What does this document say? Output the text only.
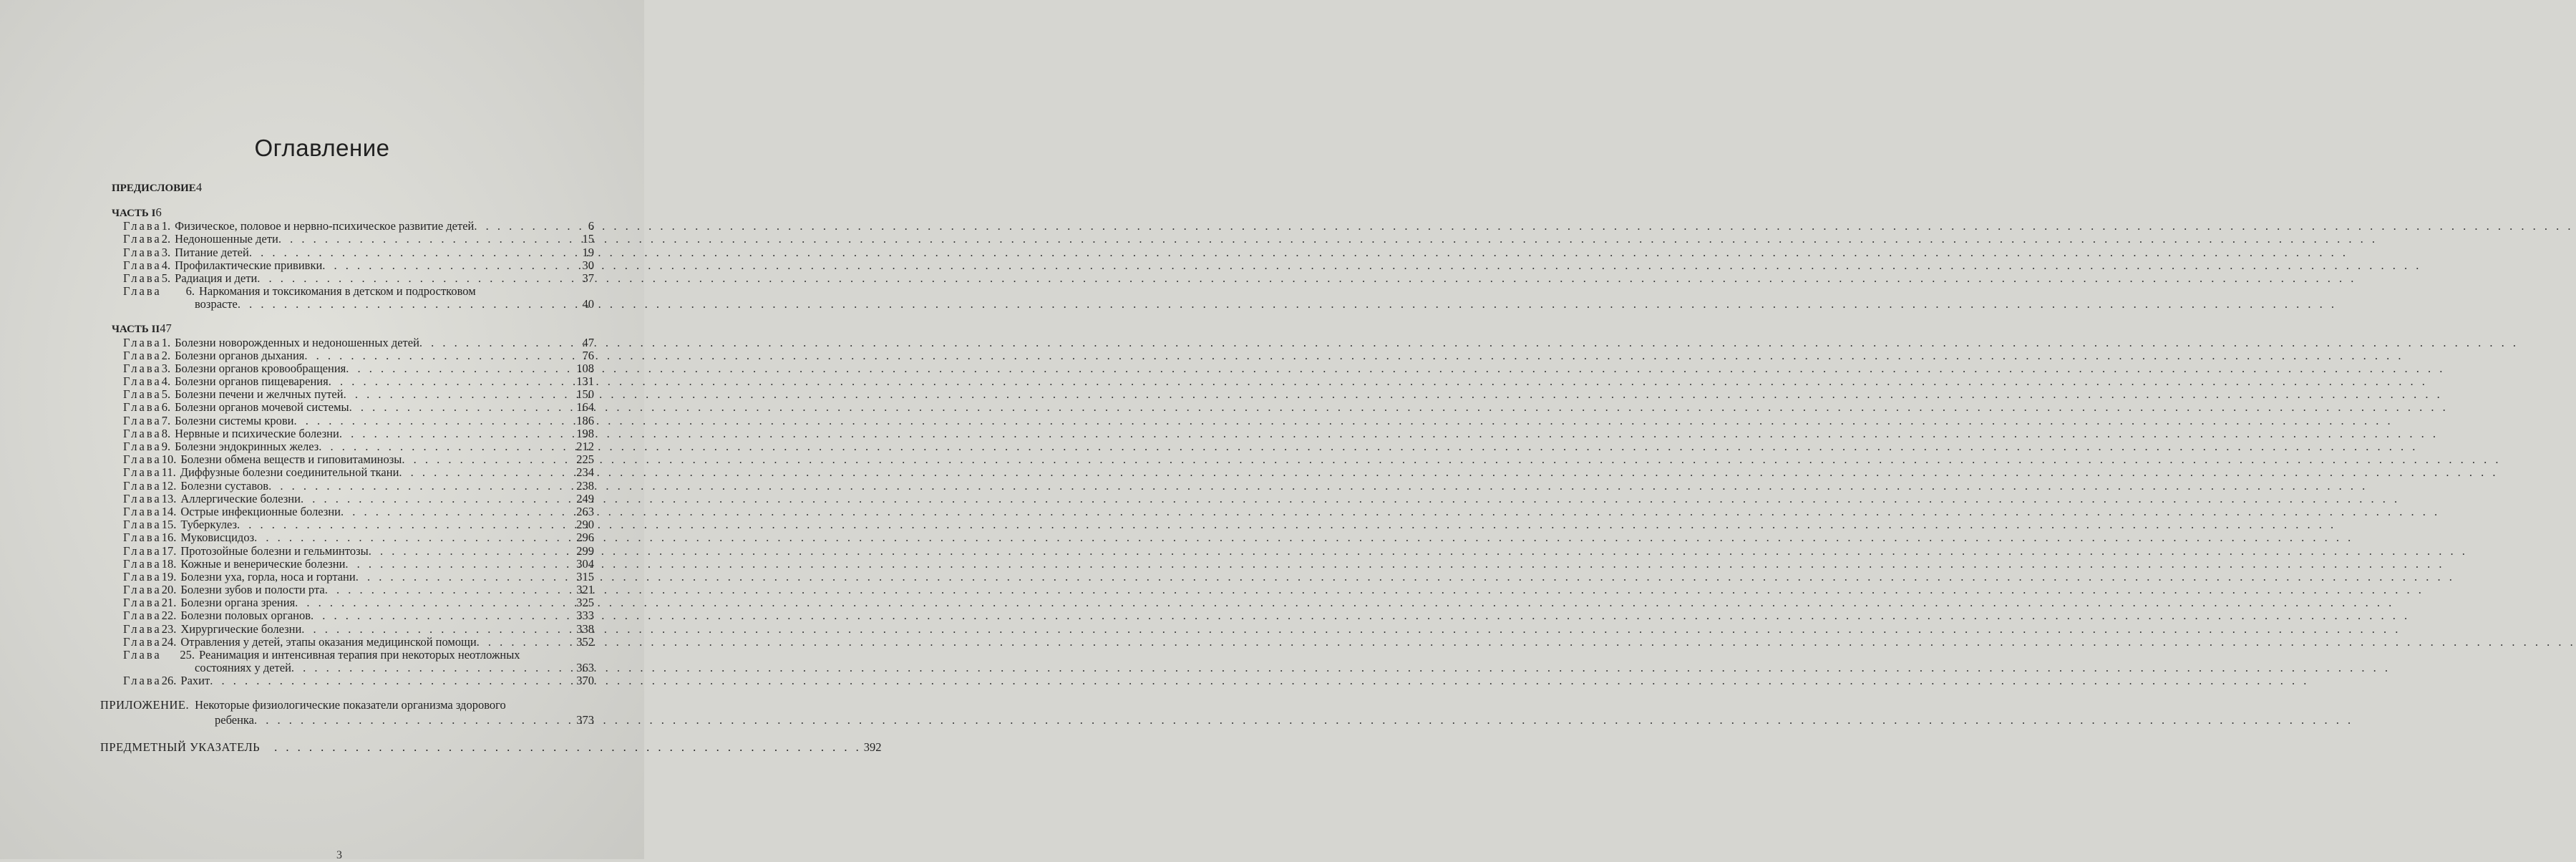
Оглавление
ПРЕДИСЛОВИЕ 4
ЧАСТЬ I 6
Глава 1. Физическое, половое и нервно-психическое развитие детей . . .	6
Глава 2. Недоношенные дети . . .	15
Глава 3. Питание детей . . .	19
Глава 4. Профилактические прививки . . .	30
Глава 5. Радиация и дети . . .	37
Глава	6. Наркомания и токсикомания в детском и подростковом
возрасте . . .	40
ЧАСТЬ II 47
Глава 1. Болезни новорожденных и недоношенных детей . . .	47
Глава 2. Болезни органов дыхания . . .	76
Глава 3. Болезни органов кровообращения . . .	108
Глава 4. Болезни органов пищеварения . . .	131
Глава 5. Болезни печени и желчных путей . . .	150
Глава 6. Болезни органов мочевой системы . . .	164
Глава 7. Болезни системы крови . . .	186
Глава 8. Нервные и психические болезни . . .	198
Глава 9. Болезни эндокринных желез . . .	212
Глава 10. Болезни обмена веществ и гиповитаминозы . . .	225
Глава 11. Диффузные болезни соединительной ткани . . .	234
Глава 12. Болезни суставов . . .	238
Глава 13. Аллергические болезни . . .	249
Глава 14. Острые инфекционные болезни . . .	263
Глава 15. Туберкулез . . .	290
Глава 16. Муковисцидоз . . .	296
Глава 17. Протозойные болезни и гельминтозы . . .	299
Глава 18. Кожные и венерические болезни . . .	304
Глава 19. Болезни уха, горла, носа и гортани . . .	315
Глава 20. Болезни зубов и полости рта . . .	321
Глава 21. Болезни органа зрения . . .	325
Глава 22. Болезни половых органов . . .	333
Глава 23. Хирургические болезни . . .	338
Глава 24. Отравления у детей, этапы оказания медицинской помощи . . .	352
Глава	25. Реанимация и интенсивная терапия при некоторых неотложных
состояниях у детей . . .	363
Глава 26. Рахит . . .	370
ПРИЛОЖЕНИЕ. Некоторые физиологические показатели организма здорового
ребенка . . .	373
ПРЕДМЕТНЫЙ УКАЗАТЕЛЬ	. . . . . . . . . . . . . . . . . . . . . . . . . . . . . . . . . . . . . . . . . . . . . . . . . . . 392
3
